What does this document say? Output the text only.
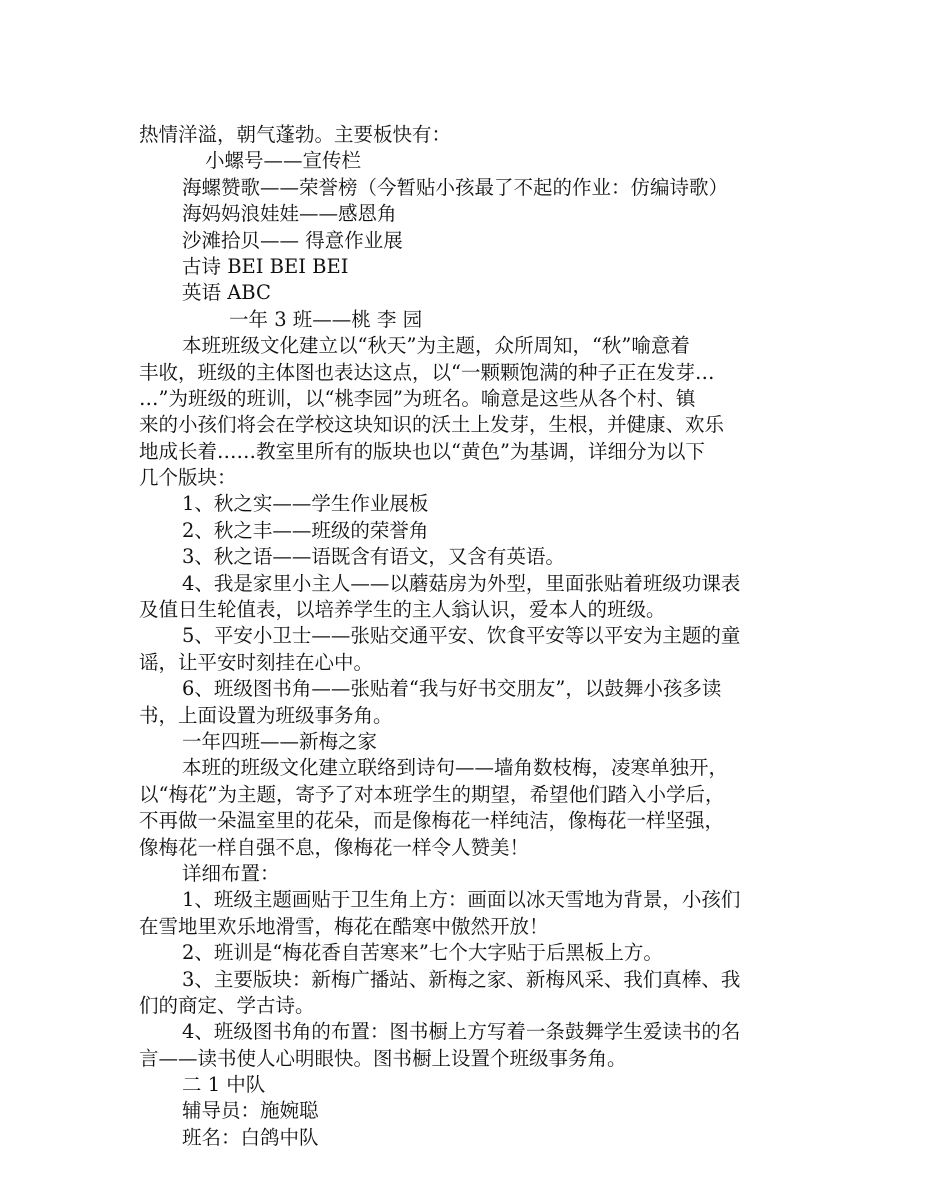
热情洋溢，朝气蓬勃。主要板快有：
小螺号——宣传栏
海螺赞歌——荣誉榜（今暂贴小孩最了不起的作业：仿编诗歌）
海妈妈浪娃娃——感恩角
沙滩拾贝—— 得意作业展
古诗 BEI BEI BEI
英语 ABC
一年 3 班——桃 李 园
本班班级文化建立以“秋天”为主题，众所周知，“秋”喻意着
丰收，班级的主体图也表达这点，以“一颗颗饱满的种子正在发芽…
…”为班级的班训，以“桃李园”为班名。喻意是这些从各个村、镇
来的小孩们将会在学校这块知识的沃土上发芽，生根，并健康、欢乐
地成长着……教室里所有的版块也以“黄色”为基调，详细分为以下
几个版块：
1、秋之实——学生作业展板
2、秋之丰——班级的荣誉角
3、秋之语——语既含有语文，又含有英语。
4、我是家里小主人——以蘑菇房为外型，里面张贴着班级功课表
及值日生轮值表，以培养学生的主人翁认识，爱本人的班级。
5、平安小卫士——张贴交通平安、饮食平安等以平安为主题的童
谣，让平安时刻挂在心中。
6、班级图书角——张贴着“我与好书交朋友”，以鼓舞小孩多读
书，上面设置为班级事务角。
一年四班——新梅之家
本班的班级文化建立联络到诗句——墙角数枝梅，凌寒单独开，
以“梅花”为主题，寄予了对本班学生的期望，希望他们踏入小学后，
不再做一朵温室里的花朵，而是像梅花一样纯洁，像梅花一样坚强，
像梅花一样自强不息，像梅花一样令人赞美！
详细布置：
1、班级主题画贴于卫生角上方：画面以冰天雪地为背景，小孩们
在雪地里欢乐地滑雪，梅花在酷寒中傲然开放！
2、班训是“梅花香自苦寒来”七个大字贴于后黑板上方。
3、主要版块：新梅广播站、新梅之家、新梅风采、我们真棒、我
们的商定、学古诗。
4、班级图书角的布置：图书橱上方写着一条鼓舞学生爱读书的名
言——读书使人心明眼快。图书橱上设置个班级事务角。
二 1 中队
辅导员：施婉聪
班名：白鸽中队
